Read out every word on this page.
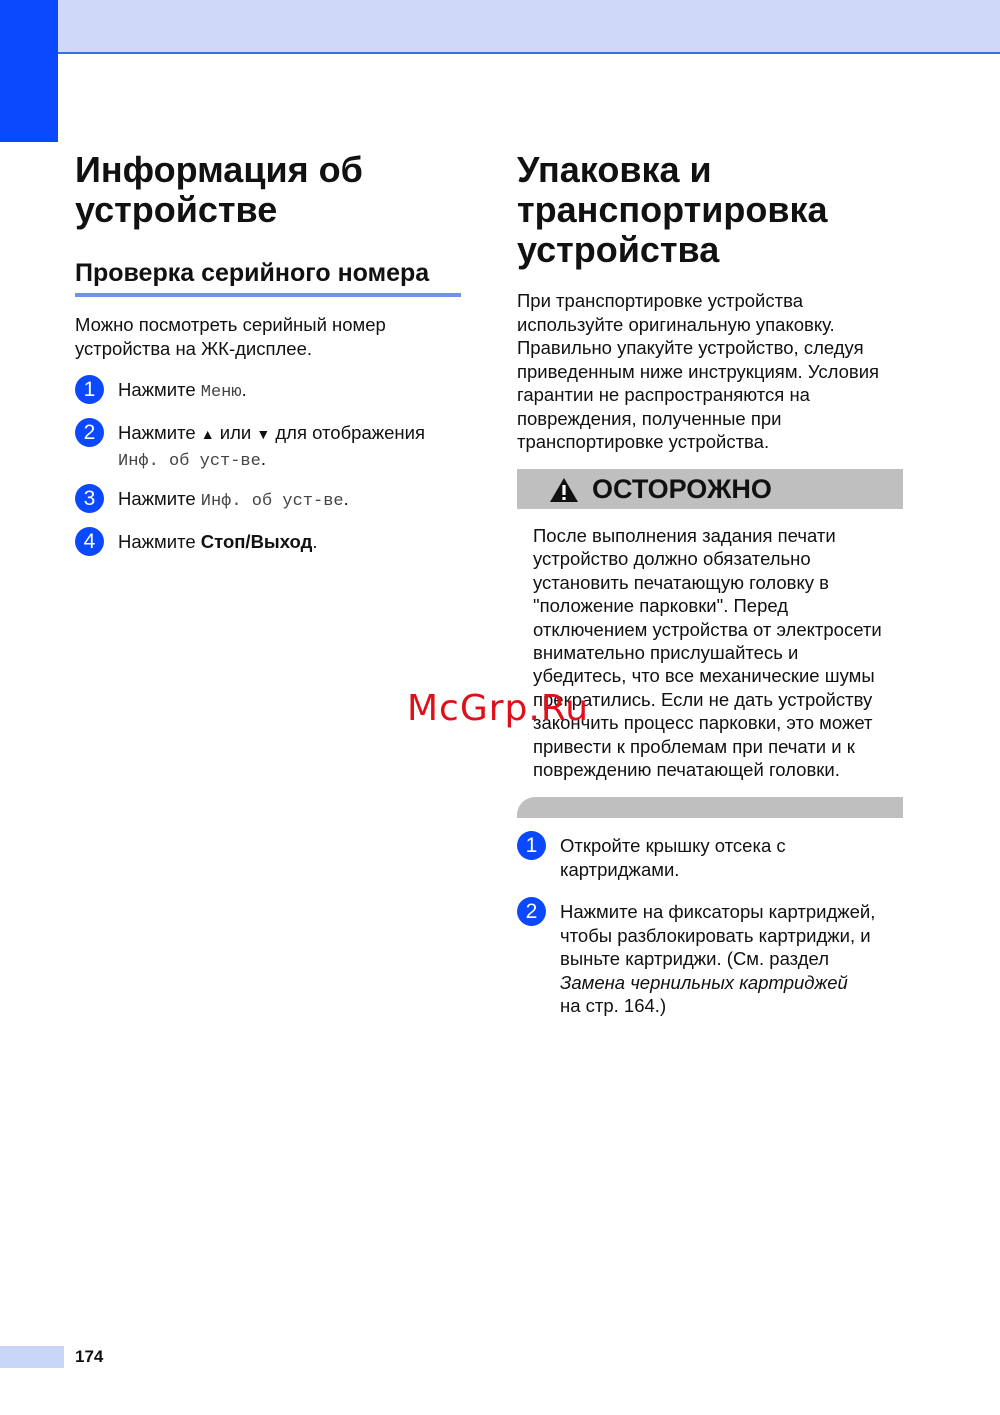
Информация об
устройстве
Проверка серийного номера

Можно посмотреть серийный номер
устройства на ЖК-дисплее.

1	Нажмите Меню.
2	Нажмите ▲ или ▼ для отображения
Инф. об уст-ве.
3	Нажмите Инф. об уст-ве.
4	Нажмите Стоп/Выход.
Упаковка и
транспортировка
устройства

При транспортировке устройства
используйте оригинальную упаковку.
Правильно упакуйте устройство, следуя
приведенным ниже инструкциям. Условия
гарантии не распространяются на
повреждения, полученные при
транспортировке устройства.

ОСТОРОЖНО

После выполнения задания печати
устройство должно обязательно
установить печатающую головку в
"положение парковки". Перед
отключением устройства от электросети
внимательно прислушайтесь и
убедитесь, что все механические шумы
прекратились. Если не дать устройству
закончить процесс парковки, это может
привести к проблемам при печати и к
повреждению печатающей головки.

1	Откройте крышку отсека с
картриджами.
2	Нажмите на фиксаторы картриджей,
чтобы разблокировать картриджи, и
выньте картриджи. (См. раздел
Замена чернильных картриджей
на стр. 164.)
McGrp.Ru
174
